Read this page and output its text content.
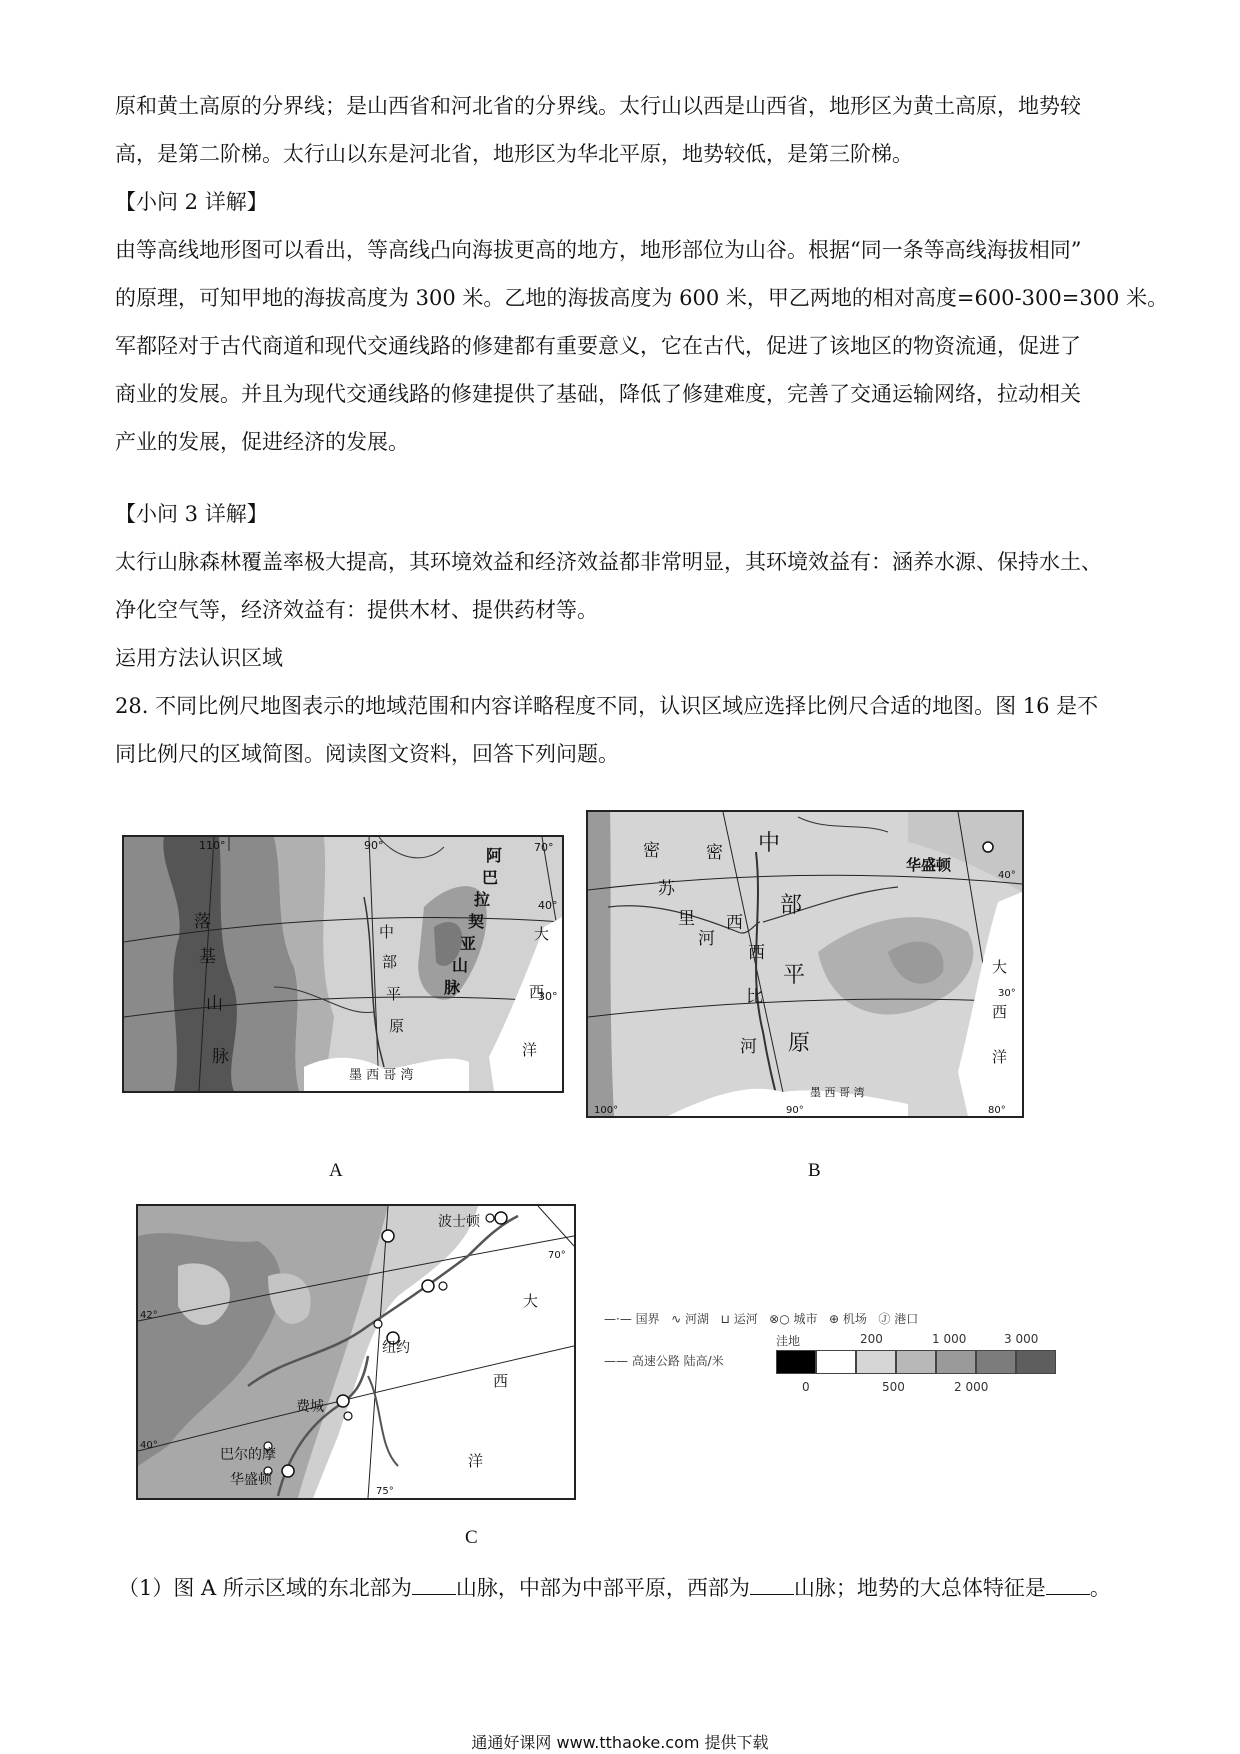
原和黄土高原的分界线；是山西省和河北省的分界线。太行山以西是山西省，地形区为黄土高原，地势较
高，是第二阶梯。太行山以东是河北省，地形区为华北平原，地势较低，是第三阶梯。
【小问 2 详解】
由等高线地形图可以看出，等高线凸向海拔更高的地方，地形部位为山谷。根据“同一条等高线海拔相同”
的原理，可知甲地的海拔高度为 300 米。乙地的海拔高度为 600 米，甲乙两地的相对高度=600-300=300 米。
军都陉对于古代商道和现代交通线路的修建都有重要意义，它在古代，促进了该地区的物资流通，促进了
商业的发展。并且为现代交通线路的修建提供了基础，降低了修建难度，完善了交通运输网络，拉动相关
产业的发展，促进经济的发展。
【小问 3 详解】
太行山脉森林覆盖率极大提高，其环境效益和经济效益都非常明显，其环境效益有：涵养水源、保持水土、
净化空气等，经济效益有：提供木材、提供药材等。
运用方法认识区域
28. 不同比例尺地图表示的地域范围和内容详略程度不同，认识区域应选择比例尺合适的地图。图 16 是不
同比例尺的区域简图。阅读图文资料，回答下列问题。
110°	90°	70°
40°
30°
落
基
山
脉
阿
巴
拉
契
亚
山
脉
中
部
平
原
大
西
洋
墨 西 哥 湾
A
100°	90°	80°
40°
30°
密
西
西
比
河
密
苏
里
河
中
部
平
原
大
西
洋
华盛顿
墨 西 哥 湾
B
70°
75°
42°
40°
波士顿
纽约
费城
巴尔的摩
华盛顿
大
西
洋
C
—·— 国界 ∿ 河湖 ⊔ 运河 ⊗○ 城市 ⊕ 机场 Ⓙ 港口
—— 高速公路 陆高/米
洼地	200	1 000	3 000
0	500	2 000
（1）图 A 所示区域的东北部为 山脉，中部为中部平原，西部为 山脉；地势的大总体特征是 。
通通好课网 www.tthaoke.com 提供下载
